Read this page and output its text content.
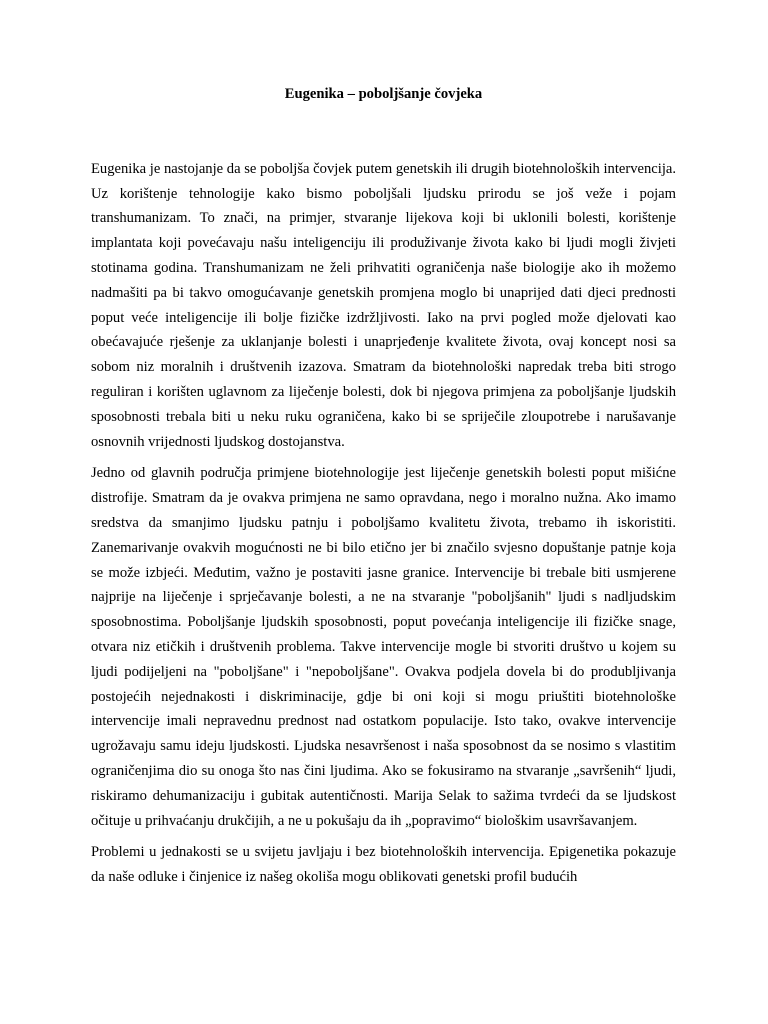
Eugenika – poboljšanje čovjeka

Eugenika je nastojanje da se poboljša čovjek putem genetskih ili drugih biotehnoloških intervencija. Uz korištenje tehnologije kako bismo poboljšali ljudsku prirodu se još veže i pojam transhumanizam. To znači, na primjer, stvaranje lijekova koji bi uklonili bolesti, korištenje implantata koji povećavaju našu inteligenciju ili produživanje života kako bi ljudi mogli živjeti stotinama godina. Transhumanizam ne želi prihvatiti ograničenja naše biologije ako ih možemo nadmašiti pa bi takvo omogućavanje genetskih promjena moglo bi unaprijed dati djeci prednosti poput veće inteligencije ili bolje fizičke izdržljivosti. Iako na prvi pogled može djelovati kao obećavajuće rješenje za uklanjanje bolesti i unaprjeđenje kvalitete života, ovaj koncept nosi sa sobom niz moralnih i društvenih izazova. Smatram da biotehnološki napredak treba biti strogo reguliran i korišten uglavnom za liječenje bolesti, dok bi njegova primjena za poboljšanje ljudskih sposobnosti trebala biti u neku ruku ograničena, kako bi se spriječile zloupotrebe i narušavanje osnovnih vrijednosti ljudskog dostojanstva.

Jedno od glavnih područja primjene biotehnologije jest liječenje genetskih bolesti poput mišićne distrofije. Smatram da je ovakva primjena ne samo opravdana, nego i moralno nužna. Ako imamo sredstva da smanjimo ljudsku patnju i poboljšamo kvalitetu života, trebamo ih iskoristiti. Zanemarivanje ovakvih mogućnosti ne bi bilo etično jer bi značilo svjesno dopuštanje patnje koja se može izbjeći. Međutim, važno je postaviti jasne granice. Intervencije bi trebale biti usmjerene najprije na liječenje i sprječavanje bolesti, a ne na stvaranje "poboljšanih" ljudi s nadljudskim sposobnostima. Poboljšanje ljudskih sposobnosti, poput povećanja inteligencije ili fizičke snage, otvara niz etičkih i društvenih problema. Takve intervencije mogle bi stvoriti društvo u kojem su ljudi podijeljeni na "poboljšane" i "nepoboljšane". Ovakva podjela dovela bi do produbljivanja postojećih nejednakosti i diskriminacije, gdje bi oni koji si mogu priuštiti biotehnološke intervencije imali nepravednu prednost nad ostatkom populacije. Isto tako, ovakve intervencije ugrožavaju samu ideju ljudskosti. Ljudska nesavršenost i naša sposobnost da se nosimo s vlastitim ograničenjima dio su onoga što nas čini ljudima. Ako se fokusiramo na stvaranje „savršenih“ ljudi, riskiramo dehumanizaciju i gubitak autentičnosti. Marija Selak to sažima tvrdeći da se ljudskost očituje u prihvaćanju drukčijih, a ne u pokušaju da ih „popravimo“ biološkim usavršavanjem.

Problemi u jednakosti se u svijetu javljaju i bez biotehnoloških intervencija. Epigenetika pokazuje da naše odluke i činjenice iz našeg okoliša mogu oblikovati genetski profil budućih
